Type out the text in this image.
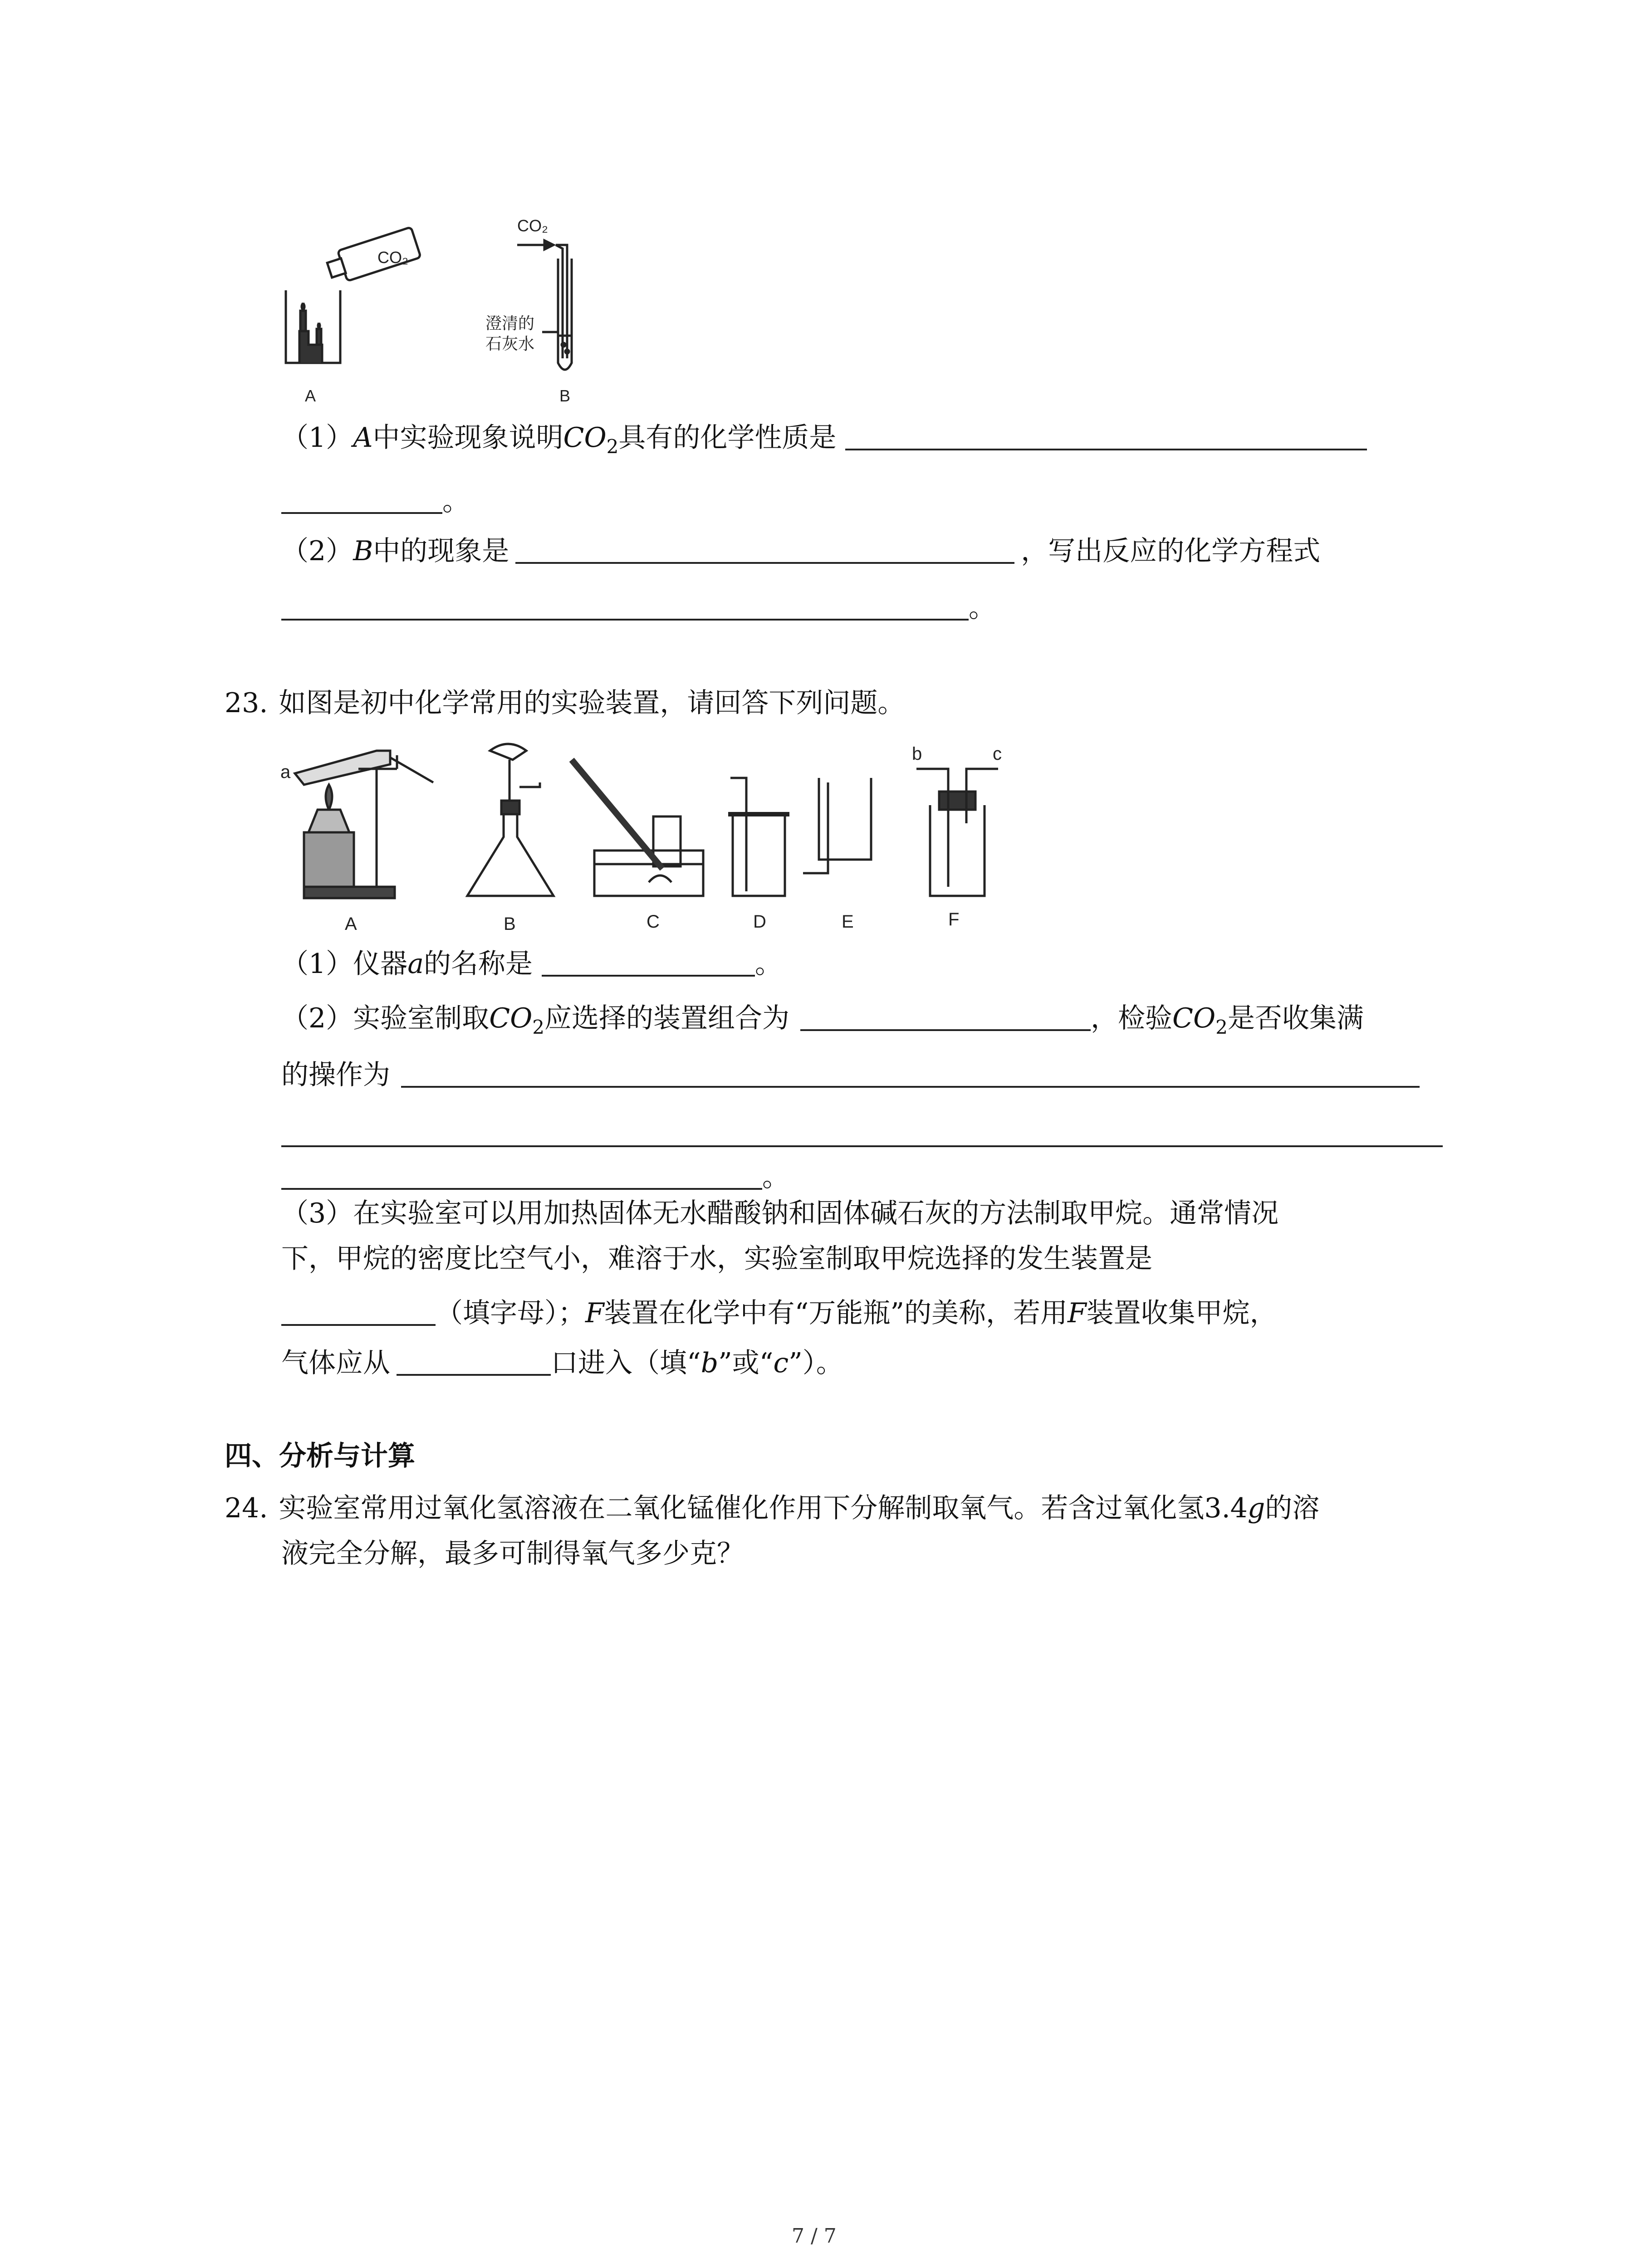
CO₂
A
CO₂
澄清的
石灰水
B
（1）A中实验现象说明$CO_2$具有的化学性质是
。
（2）B中的现象是	，写出反应的化学方程式
。
23. 如图是初中化学常用的实验装置，请回答下列问题。
a
b	c
A	B	C	D	E	F
（1）仪器a的名称是	。
（2）实验室制取$CO_2$应选择的装置组合为	，检验$CO_2$是否收集满
的操作为
。
（3）在实验室可以用加热固体无水醋酸钠和固体碱石灰的方法制取甲烷。通常情况
下，甲烷的密度比空气小，难溶于水，实验室制取甲烷选择的发生装置是
（填字母）；F装置在化学中有“万能瓶”的美称，若用F装置收集甲烷，
气体应从	口进入（填“b”或“c”）。
四、分析与计算
24. 实验室常用过氧化氢溶液在二氧化锰催化作用下分解制取氧气。若含过氧化氢3.4g的溶
液完全分解，最多可制得氧气多少克？
7 / 7
